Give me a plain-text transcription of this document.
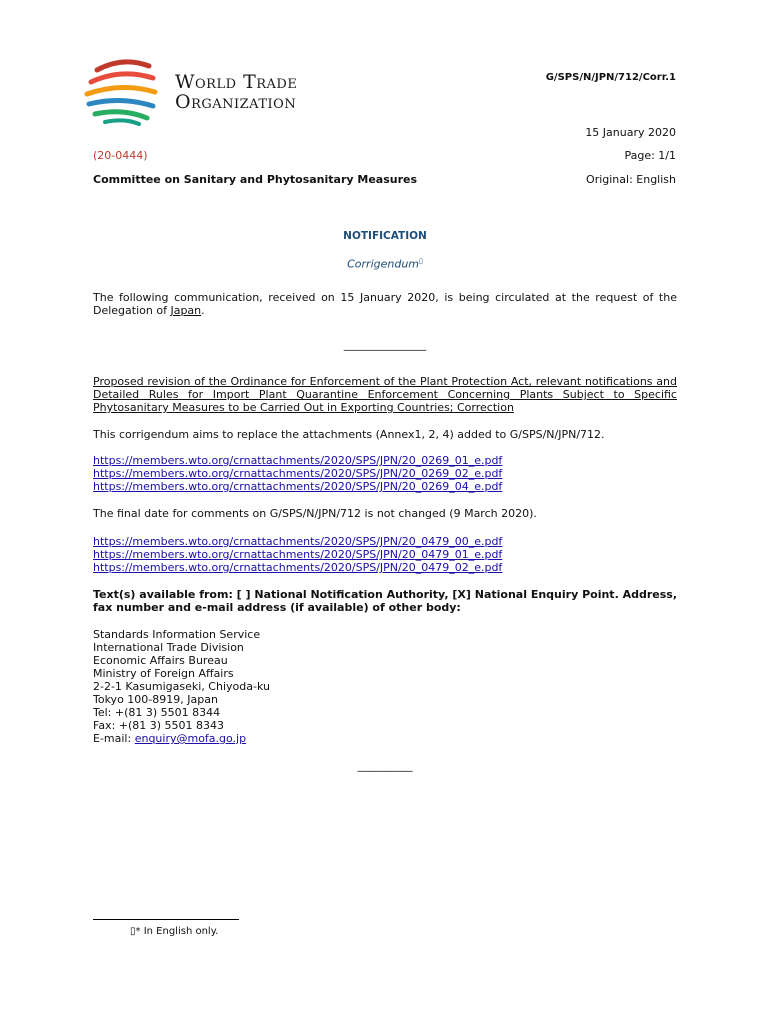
World Trade
Organization
G/SPS/N/JPN/712/Corr.1
15 January 2020
(20-0444)	Page: 1/1
Committee on Sanitary and Phytosanitary Measures	Original: English
NOTIFICATION
Corrigendum▯
The following communication, received on 15 January 2020, is being circulated at the request of the Delegation of Japan.
_______________
Proposed revision of the Ordinance for Enforcement of the Plant Protection Act, relevant notifications and Detailed Rules for Import Plant Quarantine Enforcement Concerning Plants Subject to Specific Phytosanitary Measures to be Carried Out in Exporting Countries; Correction
This corrigendum aims to replace the attachments (Annex1, 2, 4) added to G/SPS/N/JPN/712.
https://members.wto.org/crnattachments/2020/SPS/JPN/20_0269_01_e.pdf
https://members.wto.org/crnattachments/2020/SPS/JPN/20_0269_02_e.pdf
https://members.wto.org/crnattachments/2020/SPS/JPN/20_0269_04_e.pdf
The final date for comments on G/SPS/N/JPN/712 is not changed (9 March 2020).
https://members.wto.org/crnattachments/2020/SPS/JPN/20_0479_00_e.pdf
https://members.wto.org/crnattachments/2020/SPS/JPN/20_0479_01_e.pdf
https://members.wto.org/crnattachments/2020/SPS/JPN/20_0479_02_e.pdf
Text(s) available from: [ ] National Notification Authority, [X] National Enquiry Point. Address, fax number and e-mail address (if available) of other body:
Standards Information Service
International Trade Division
Economic Affairs Bureau
Ministry of Foreign Affairs
2-2-1 Kasumigaseki, Chiyoda-ku
Tokyo 100-8919, Japan
Tel: +(81 3) 5501 8344
Fax: +(81 3) 5501 8343
E-mail: enquiry@mofa.go.jp
__________
▯* In English only.
